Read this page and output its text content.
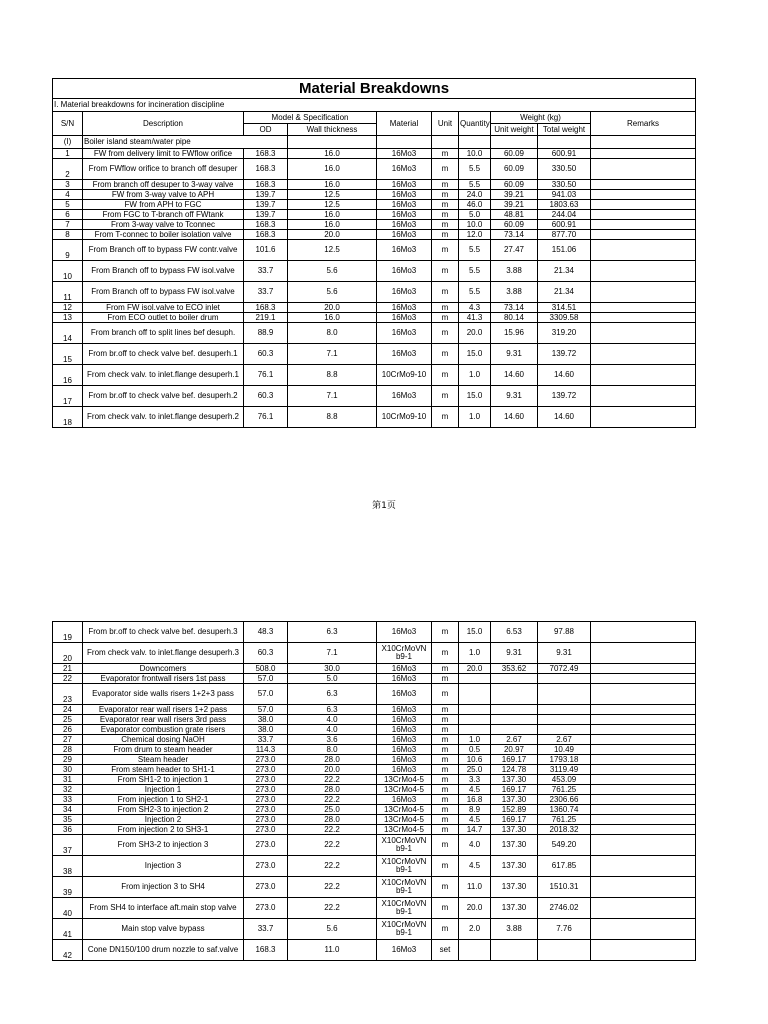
Material Breakdowns									
I. Material breakdowns for incineration discipline									
S/N	Description	Model & Specification		Material	Unit	Quantity	Weight (kg)		Remarks
		OD	Wall thickness				Unit weight	Total weight	
(I)	Boiler island steam/water pipe								
1	FW from delivery limit to FWflow orifice	168.3	16.0	16Mo3	m	10.0	60.09	600.91	
2	From FWflow orifice to branch off desuper	168.3	16.0	16Mo3	m	5.5	60.09	330.50	
3	From branch off desuper to 3-way valve	168.3	16.0	16Mo3	m	5.5	60.09	330.50	
4	FW from 3-way valve to APH	139.7	12.5	16Mo3	m	24.0	39.21	941.03	
5	FW from APH to FGC	139.7	12.5	16Mo3	m	46.0	39.21	1803.63	
6	From FGC to T-branch off FWtank	139.7	16.0	16Mo3	m	5.0	48.81	244.04	
7	From 3-way valve to Tconnec	168.3	16.0	16Mo3	m	10.0	60.09	600.91	
8	From T-connec to boiler isolation valve	168.3	20.0	16Mo3	m	12.0	73.14	877.70	
9	From Branch off to bypass FW contr.valve	101.6	12.5	16Mo3	m	5.5	27.47	151.06	
10	From Branch off to bypass FW isol.valve	33.7	5.6	16Mo3	m	5.5	3.88	21.34	
11	From Branch off to bypass FW isol.valve	33.7	5.6	16Mo3	m	5.5	3.88	21.34	
12	From FW isol.valve to ECO inlet	168.3	20.0	16Mo3	m	4.3	73.14	314.51	
13	From ECO outlet to boiler drum	219.1	16.0	16Mo3	m	41.3	80.14	3309.58	
14	From branch off to split lines bef desuph.	88.9	8.0	16Mo3	m	20.0	15.96	319.20	
15	From br.off to check valve bef. desuperh.1	60.3	7.1	16Mo3	m	15.0	9.31	139.72	
16	From check valv. to inlet.flange desuperh.1	76.1	8.8	10CrMo9-10	m	1.0	14.60	14.60	
17	From br.off to check valve bef. desuperh.2	60.3	7.1	16Mo3	m	15.0	9.31	139.72	
18	From check valv. to inlet.flange desuperh.2	76.1	8.8	10CrMo9-10	m	1.0	14.60	14.60	
第1页
19	From br.off to check valve bef. desuperh.3	48.3	6.3	16Mo3	m	15.0	6.53	97.88	
20	From check valv. to inlet.flange desuperh.3	60.3	7.1	X10CrMoVN b9-1	m	1.0	9.31	9.31	
21	Downcomers	508.0	30.0	16Mo3	m	20.0	353.62	7072.49	
22	Evaporator frontwall risers 1st pass	57.0	5.0	16Mo3	m				
23	Evaporator side walls risers 1+2+3 pass	57.0	6.3	16Mo3	m				
24	Evaporator rear wall risers 1+2 pass	57.0	6.3	16Mo3	m				
25	Evaporator rear wall risers 3rd pass	38.0	4.0	16Mo3	m				
26	Evaporator combustion grate risers	38.0	4.0	16Mo3	m				
27	Chemical dosing NaOH	33.7	3.6	16Mo3	m	1.0	2.67	2.67	
28	From drum to steam header	114.3	8.0	16Mo3	m	0.5	20.97	10.49	
29	Steam header	273.0	28.0	16Mo3	m	10.6	169.17	1793.18	
30	From steam header to SH1-1	273.0	20.0	16Mo3	m	25.0	124.78	3119.49	
31	From SH1-2 to injection 1	273.0	22.2	13CrMo4-5	m	3.3	137.30	453.09	
32	Injection 1	273.0	28.0	13CrMo4-5	m	4.5	169.17	761.25	
33	From injection 1 to SH2-1	273.0	22.2	16Mo3	m	16.8	137.30	2306.66	
34	From SH2-3 to injection 2	273.0	25.0	13CrMo4-5	m	8.9	152.89	1360.74	
35	Injection 2	273.0	28.0	13CrMo4-5	m	4.5	169.17	761.25	
36	From injection 2 to SH3-1	273.0	22.2	13CrMo4-5	m	14.7	137.30	2018.32	
37	From SH3-2 to injection 3	273.0	22.2	X10CrMoVN b9-1	m	4.0	137.30	549.20	
38	Injection 3	273.0	22.2	X10CrMoVN b9-1	m	4.5	137.30	617.85	
39	From injection 3 to SH4	273.0	22.2	X10CrMoVN b9-1	m	11.0	137.30	1510.31	
40	From SH4 to interface aft.main stop valve	273.0	22.2	X10CrMoVN b9-1	m	20.0	137.30	2746.02	
41	Main stop valve bypass	33.7	5.6	X10CrMoVN b9-1	m	2.0	3.88	7.76	
42	Cone DN150/100 drum nozzle to saf.valve	168.3	11.0	16Mo3	set				
